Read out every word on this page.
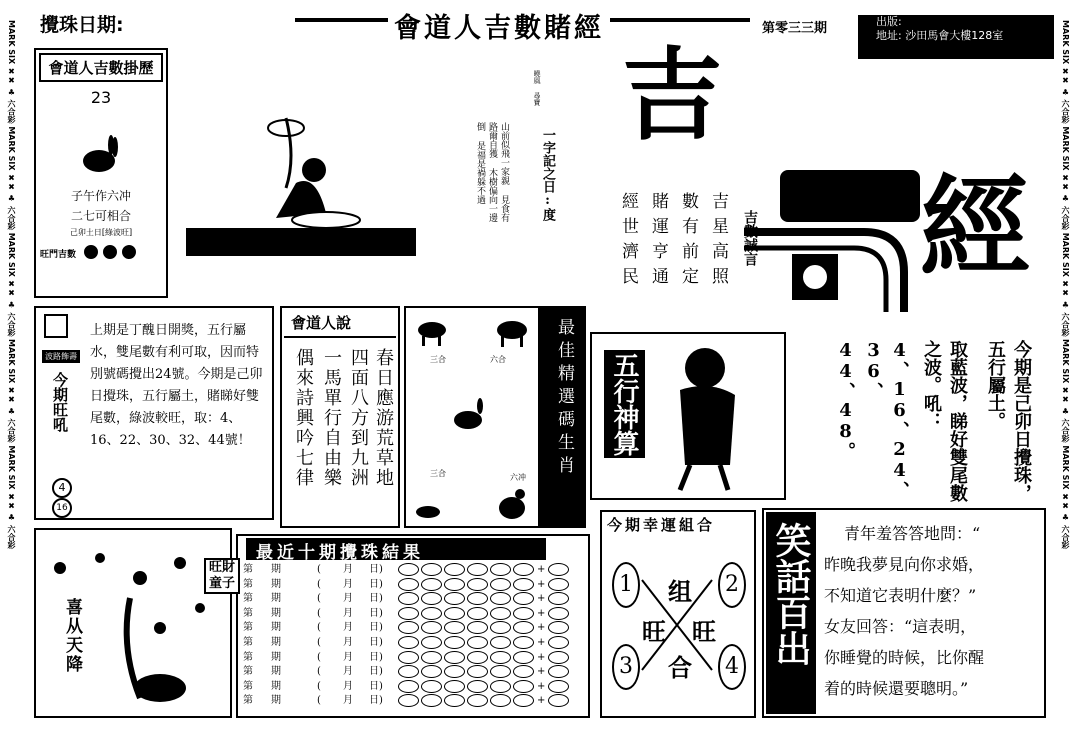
MARK SIX ✖✖ ♣ 六合彩 MARK SIX ✖✖ ♣ 六合彩 MARK SIX ✖✖ ♣ 六合彩 MARK SIX ✖✖ ♣ 六合彩 MARK SIX ✖✖ ♣ 六合彩	MARK SIX ✖✖ ♣ 六合彩 MARK SIX ✖✖ ♣ 六合彩 MARK SIX ✖✖ ♣ 六合彩 MARK SIX ✖✖ ♣ 六合彩 MARK SIX ✖✖ ♣ 六合彩
攪珠日期:	會道人吉數賭經	第零三三期	出版:
地址: 沙田馬會大樓128室
會道人吉數掛歷
23
子午作六冲
二七可相合
己卯土日[綠波旺]
旺門吉數

山前似飛一家親 見食有路爾自獲 木樹偏向一邊倒 是福是禍躲不過
曉風 尋寶
一字記之日:度
吉
經
吉星高照
數有前定
賭運亨通
經世濟民	吉數誠言
波路飾壽
今期旺吼
上期是丁醜日開獎，五行屬水，雙尾數有利可取，因而特別號碼攪出24號。今期是己卯日攪珠，五行屬土，賭睇好雙尾數，綠波較旺，取：4、16、22、30、32、44號！
4
16
會道人說
春日應游荒草地
四面八方到九洲
一馬單行自由樂
偶來詩興吟七律	三合	六合
三合	六冲 最佳精選碼生肖 五行神算	今期是己卯日攪珠，五行屬土。
取藍波，睇好雙尾數之波。吼：
4、16、24、36、
44、48。
喜从天降
最近十期攪珠結果
旺財童子
第	期	(	月	日)	+
第	期	(	月	日)	+
第	期	(	月	日)	+
第	期	(	月	日)	+
第	期	(	月	日)	+
第	期	(	月	日)	+
第	期	(	月	日)	+
第	期	(	月	日)	+
第	期	(	月	日)	+
第	期	(	月	日)	+
今期幸運組合
1	2
3	4
组
旺 旺
合
笑話百出	青年羞答答地問：“
昨晚我夢見向你求婚，
不知道它表明什麼？”
女友回答：“這表明，
你睡覺的時候，比你醒
着的時候還要聰明。”
